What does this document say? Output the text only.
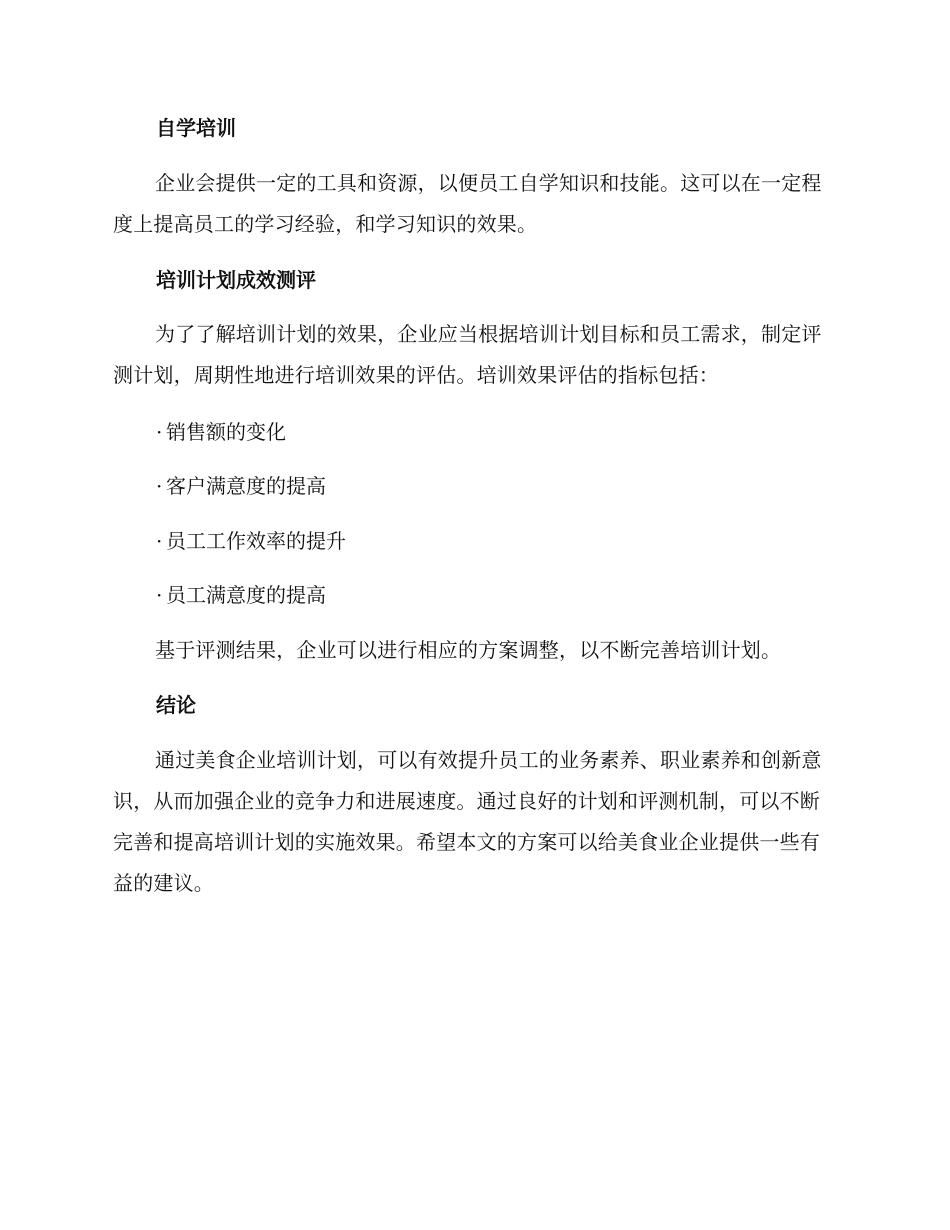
自学培训
企业会提供一定的工具和资源，以便员工自学知识和技能。这可以在一定程度上提高员工的学习经验，和学习知识的效果。
培训计划成效测评
为了了解培训计划的效果，企业应当根据培训计划目标和员工需求，制定评测计划，周期性地进行培训效果的评估。培训效果评估的指标包括：
· 销售额的变化
· 客户满意度的提高
· 员工工作效率的提升
· 员工满意度的提高
基于评测结果，企业可以进行相应的方案调整，以不断完善培训计划。
结论
通过美食企业培训计划，可以有效提升员工的业务素养、职业素养和创新意识，从而加强企业的竞争力和进展速度。通过良好的计划和评测机制，可以不断完善和提高培训计划的实施效果。希望本文的方案可以给美食业企业提供一些有益的建议。
